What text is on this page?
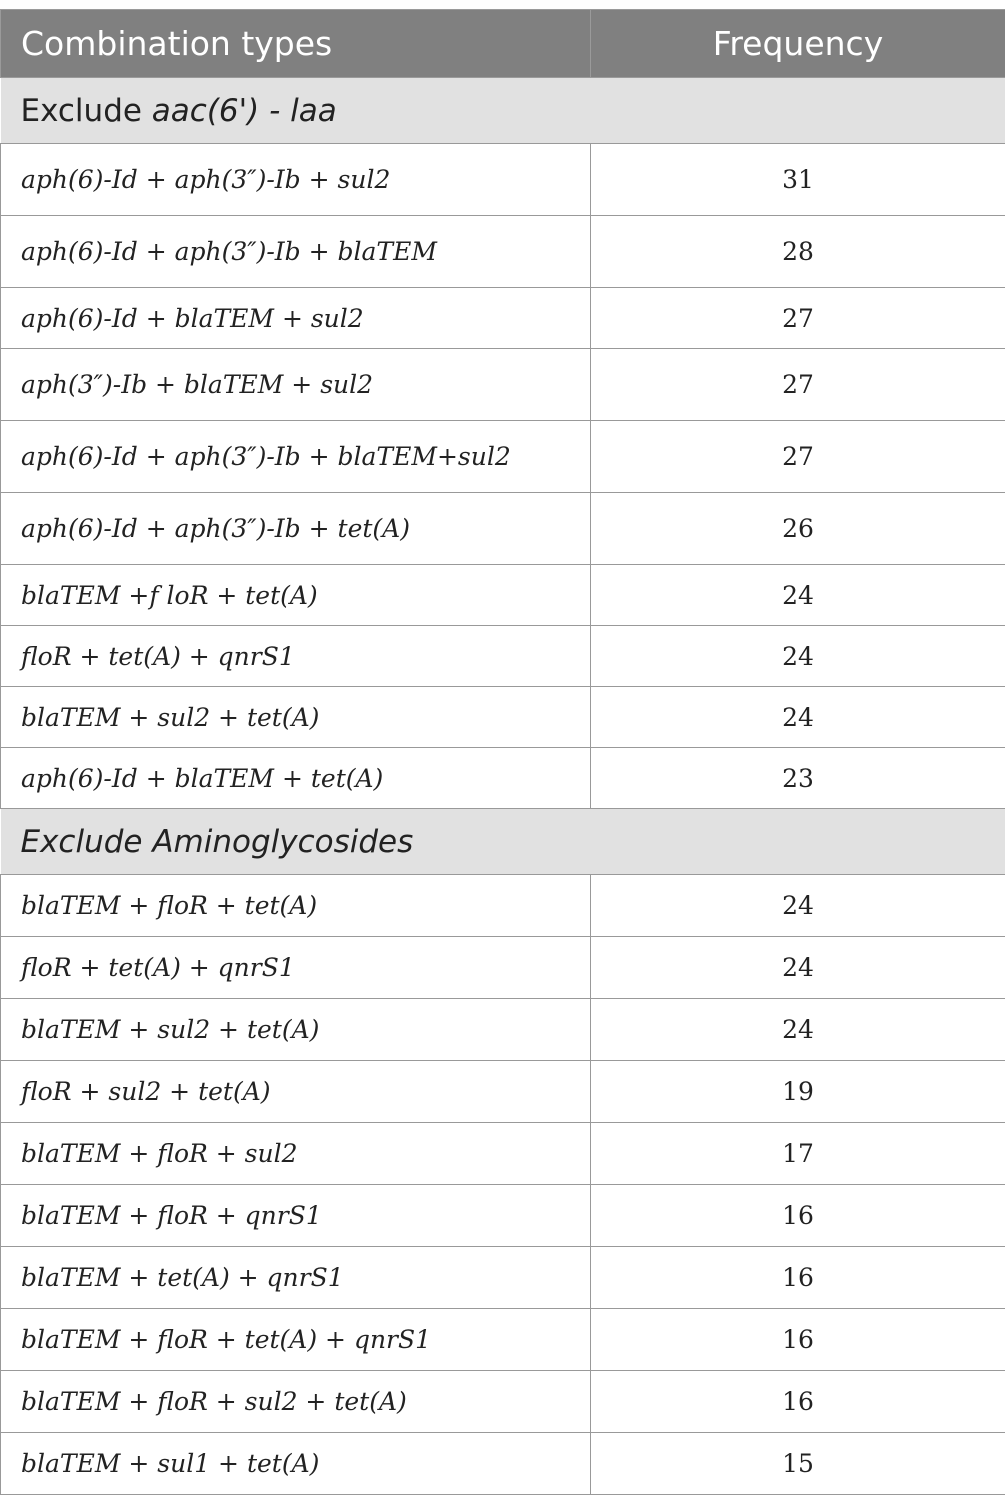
Combination types	Frequency
Exclude aac(6') - laa	
aph(6)-Id + aph(3″)-Ib + sul2	31
aph(6)-Id + aph(3″)-Ib + blaTEM	28
aph(6)-Id + blaTEM + sul2	27
aph(3″)-Ib + blaTEM + sul2	27
aph(6)-Id + aph(3″)-Ib + blaTEM+sul2	27
aph(6)-Id + aph(3″)-Ib + tet(A)	26
blaTEM +f loR + tet(A)	24
floR + tet(A) + qnrS1	24
blaTEM + sul2 + tet(A)	24
aph(6)-Id + blaTEM + tet(A)	23
Exclude Aminoglycosides	
blaTEM + floR + tet(A)	24
floR + tet(A) + qnrS1	24
blaTEM + sul2 + tet(A)	24
floR + sul2 + tet(A)	19
blaTEM + floR + sul2	17
blaTEM + floR + qnrS1	16
blaTEM + tet(A) + qnrS1	16
blaTEM + floR + tet(A) + qnrS1	16
blaTEM + floR + sul2 + tet(A)	16
blaTEM + sul1 + tet(A)	15
